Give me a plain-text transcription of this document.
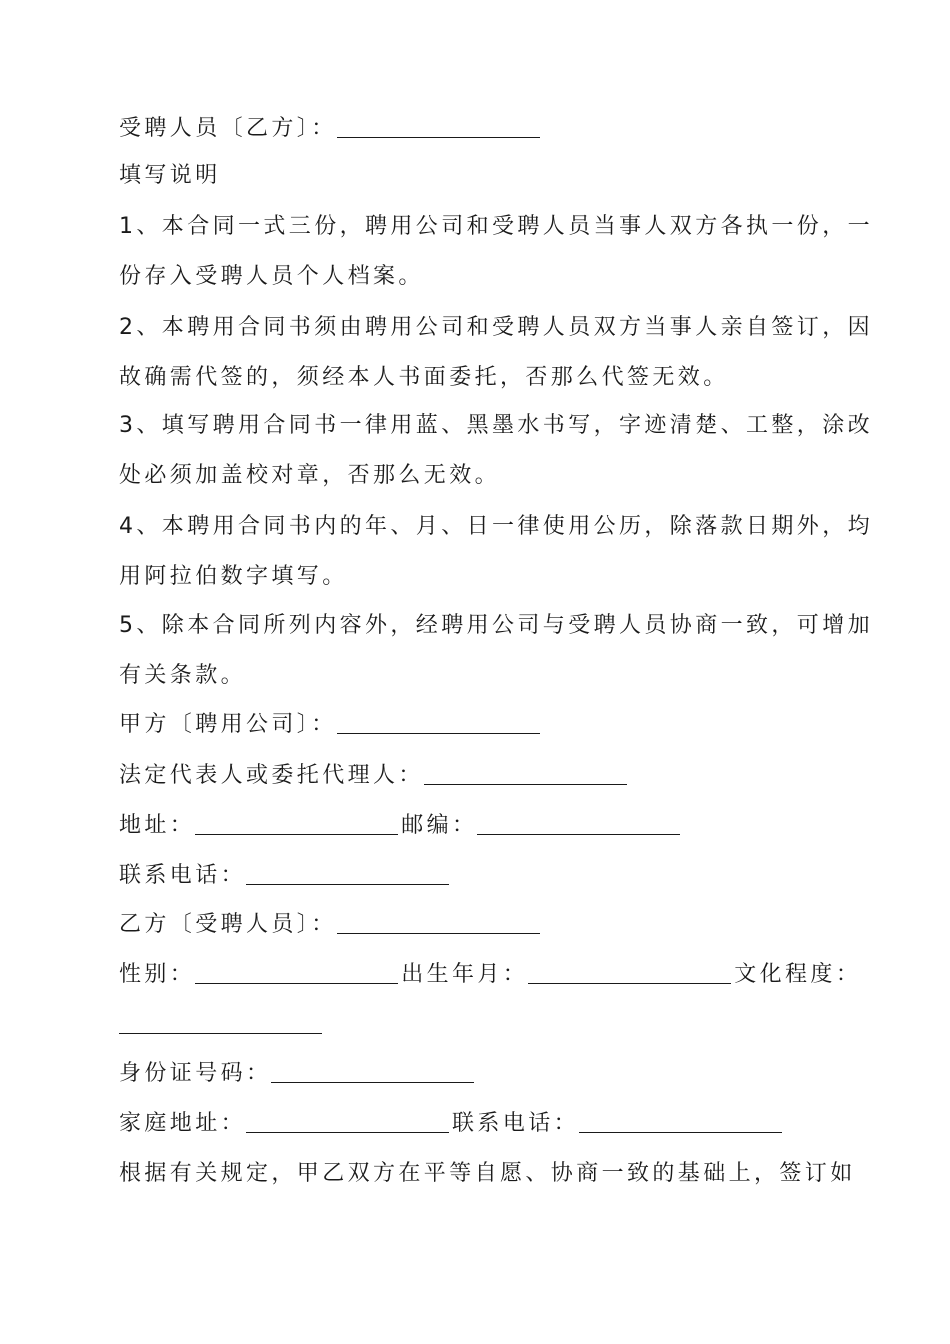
受聘人员〔乙方〕：
填写说明
1、本合同一式三份，聘用公司和受聘人员当事人双方各执一份，一
份存入受聘人员个人档案。
2、本聘用合同书须由聘用公司和受聘人员双方当事人亲自签订，因
故确需代签的，须经本人书面委托，否那么代签无效。
3、填写聘用合同书一律用蓝、黑墨水书写，字迹清楚、工整，涂改
处必须加盖校对章，否那么无效。
4、本聘用合同书内的年、月、日一律使用公历，除落款日期外，均
用阿拉伯数字填写。
5、除本合同所列内容外，经聘用公司与受聘人员协商一致，可增加
有关条款。
甲方〔聘用公司〕：
法定代表人或委托代理人：
地址：	邮编：
联系电话：
乙方〔受聘人员〕：
性别：	出生年月：	文化程度：
身份证号码：
家庭地址：	联系电话：
根据有关规定，甲乙双方在平等自愿、协商一致的基础上，签订如
